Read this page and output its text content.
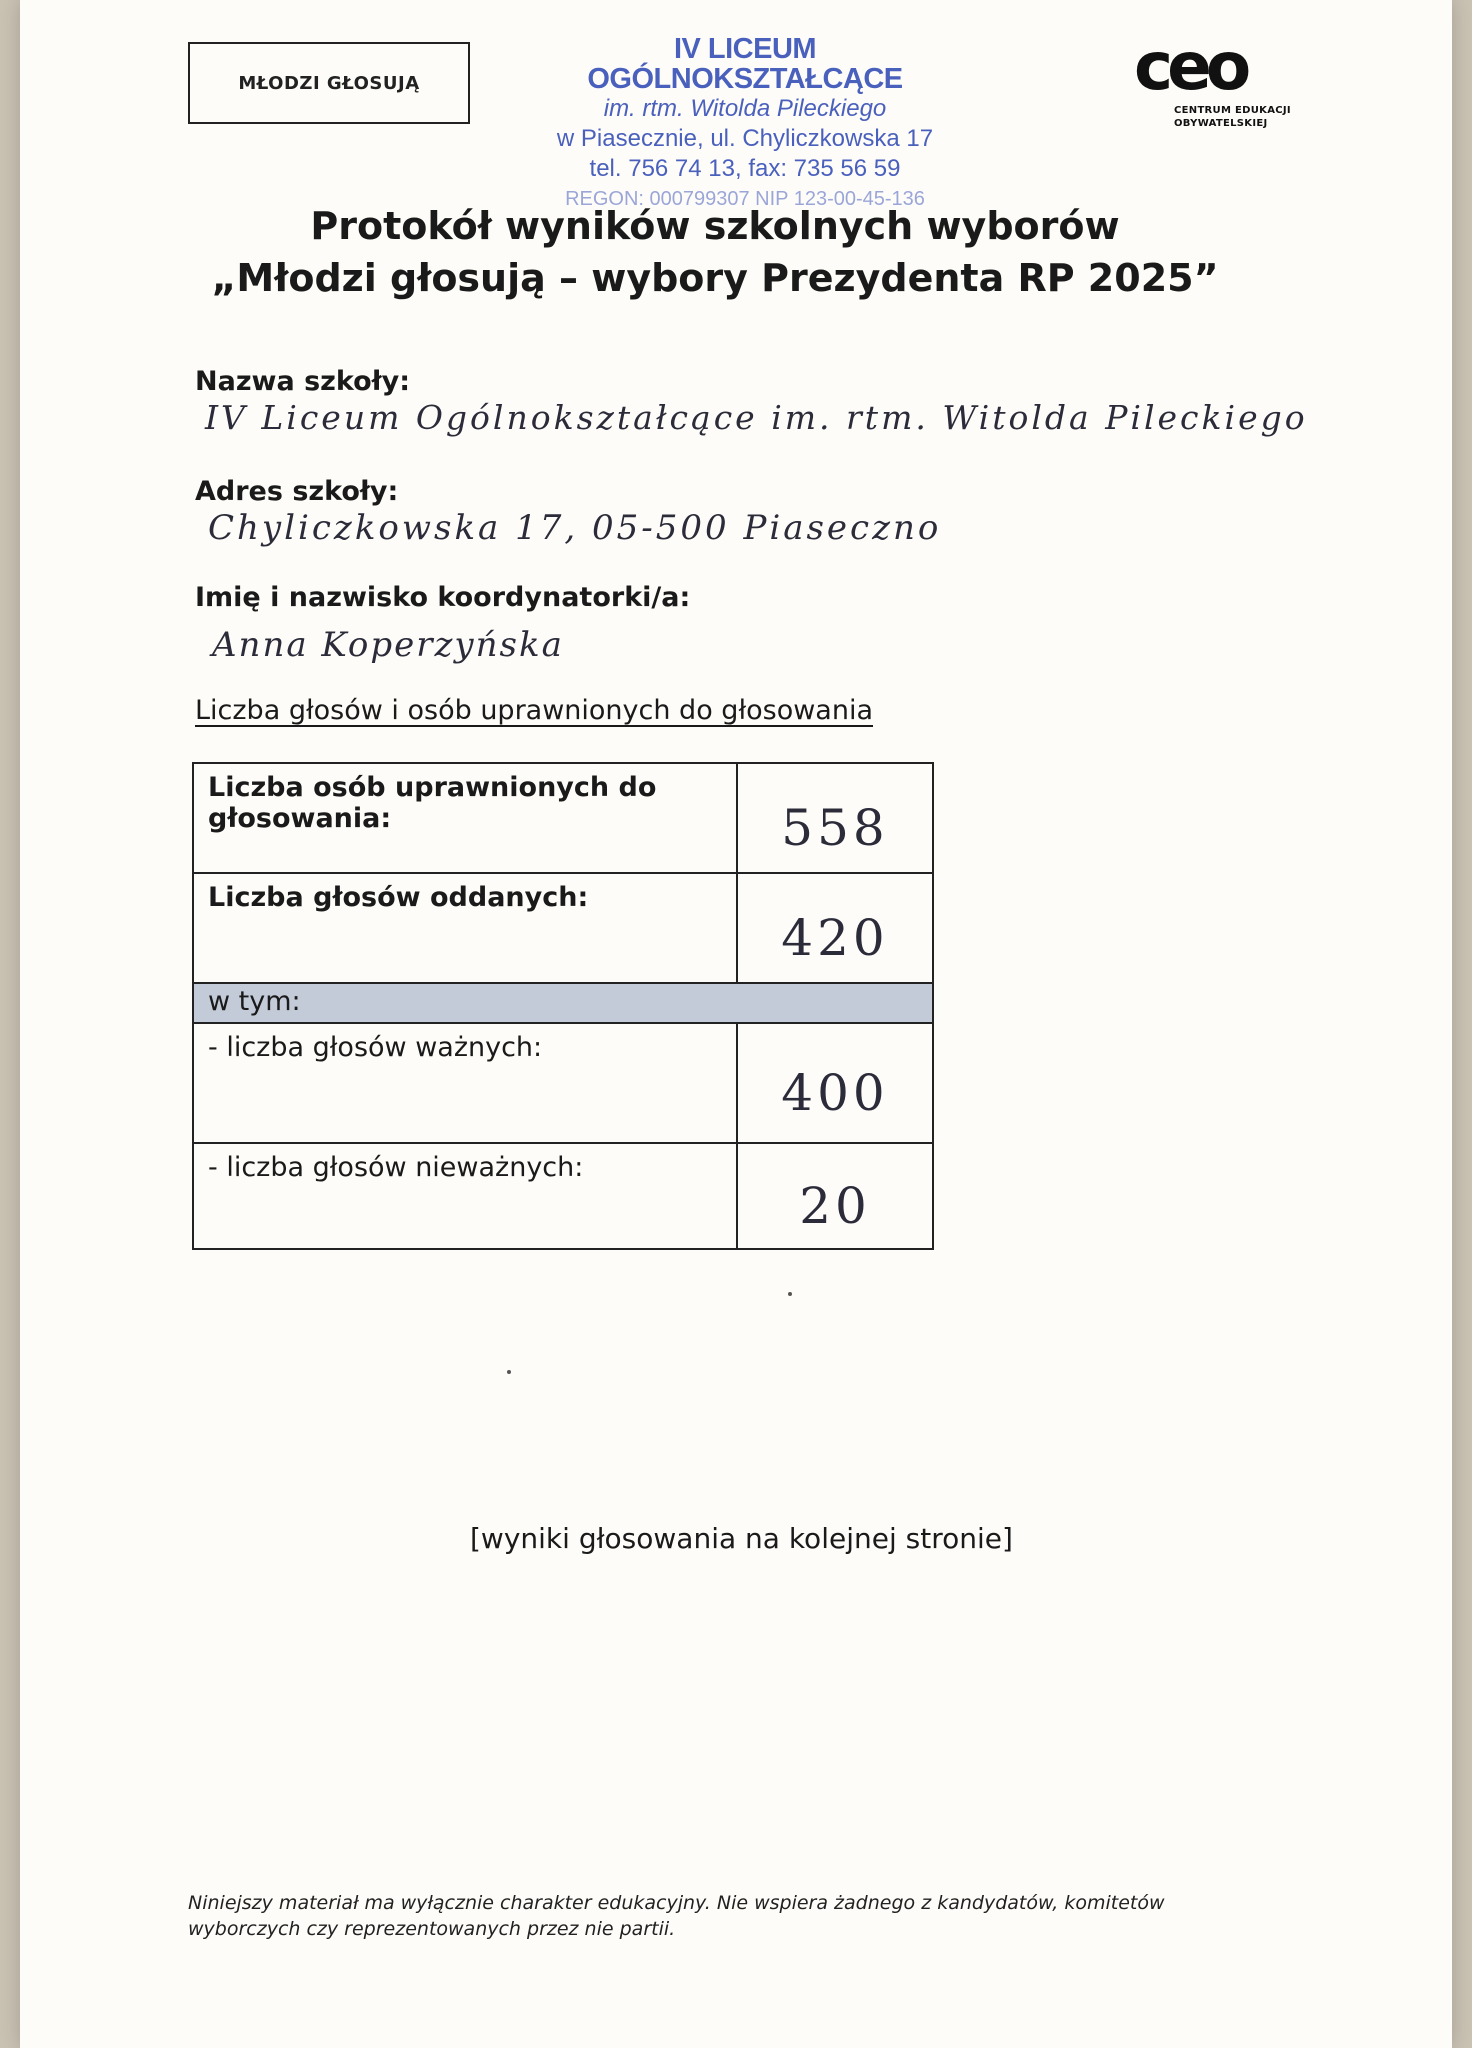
MŁODZI GŁOSUJĄ
IV LICEUM OGÓLNOKSZTAŁCĄCE
im. rtm. Witolda Pileckiego
w Piasecznie, ul. Chyliczkowska 17
tel. 756 74 13, fax: 735 56 59
REGON: 000799307 NIP 123-00-45-136
ceo
CENTRUM EDUKACJI
OBYWATELSKIEJ
Protokół wyników szkolnych wyborów
„Młodzi głosują – wybory Prezydenta RP 2025”
Nazwa szkoły:
IV Liceum Ogólnokształcące im. rtm. Witolda Pileckiego
Adres szkoły:
Chyliczkowska 17, 05-500 Piaseczno
Imię i nazwisko koordynatorki/a:
Anna Koperzyńska
Liczba głosów i osób uprawnionych do głosowania
Liczba osób uprawnionych do głosowania:	558
Liczba głosów oddanych:
420
w tym:
- liczba głosów ważnych:
400
- liczba głosów nieważnych:
20
[wyniki głosowania na kolejnej stronie]
Niniejszy materiał ma wyłącznie charakter edukacyjny. Nie wspiera żadnego z kandydatów, komitetów wyborczych czy reprezentowanych przez nie partii.
